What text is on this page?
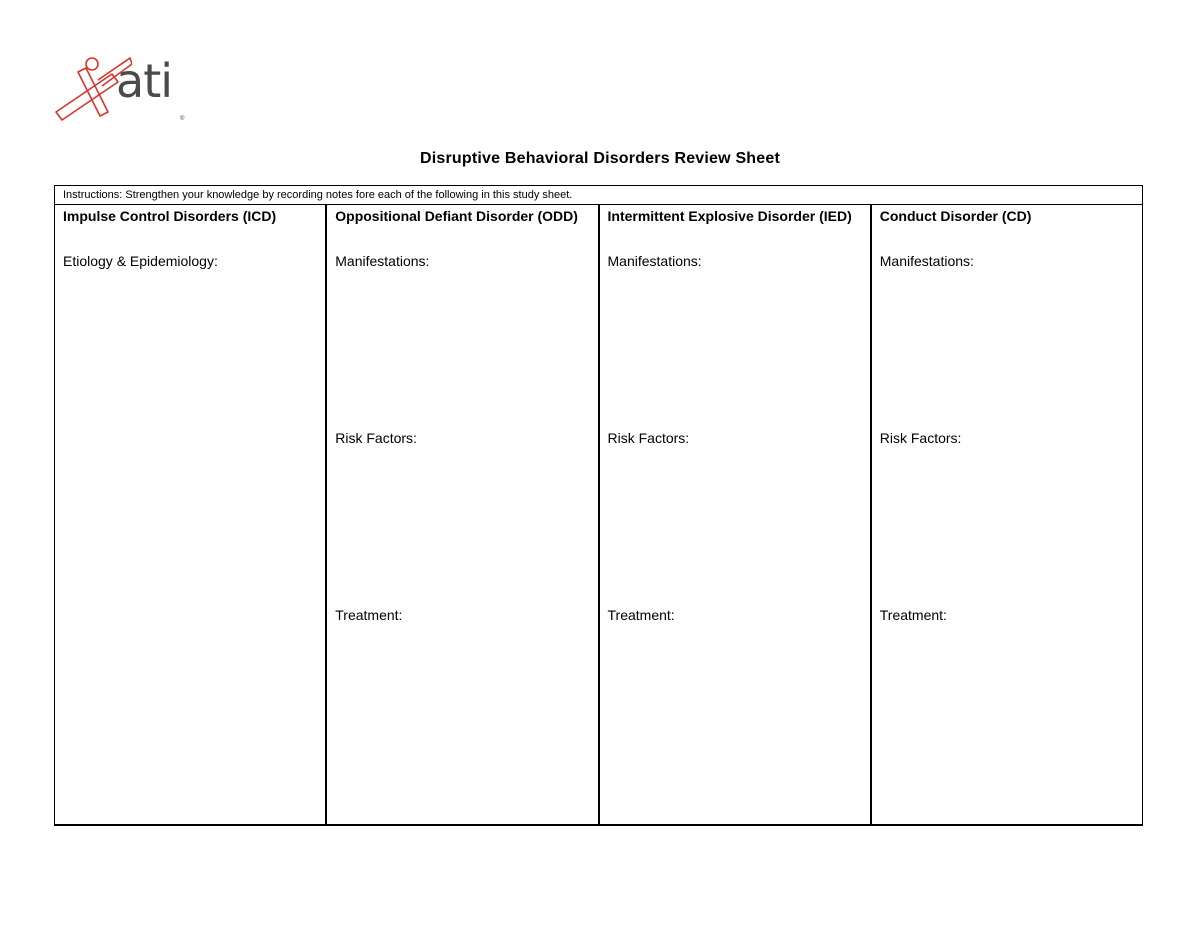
ati
®
Disruptive Behavioral Disorders Review Sheet
Instructions: Strengthen your knowledge by recording notes fore each of the following in this study sheet.
Impulse Control Disorders (ICD)
Etiology & Epidemiology:
Oppositional Defiant Disorder (ODD)
Manifestations:
Risk Factors:
Treatment:
Intermittent Explosive Disorder (IED)
Manifestations:
Risk Factors:
Treatment:
Conduct Disorder (CD)
Manifestations:
Risk Factors:
Treatment:
